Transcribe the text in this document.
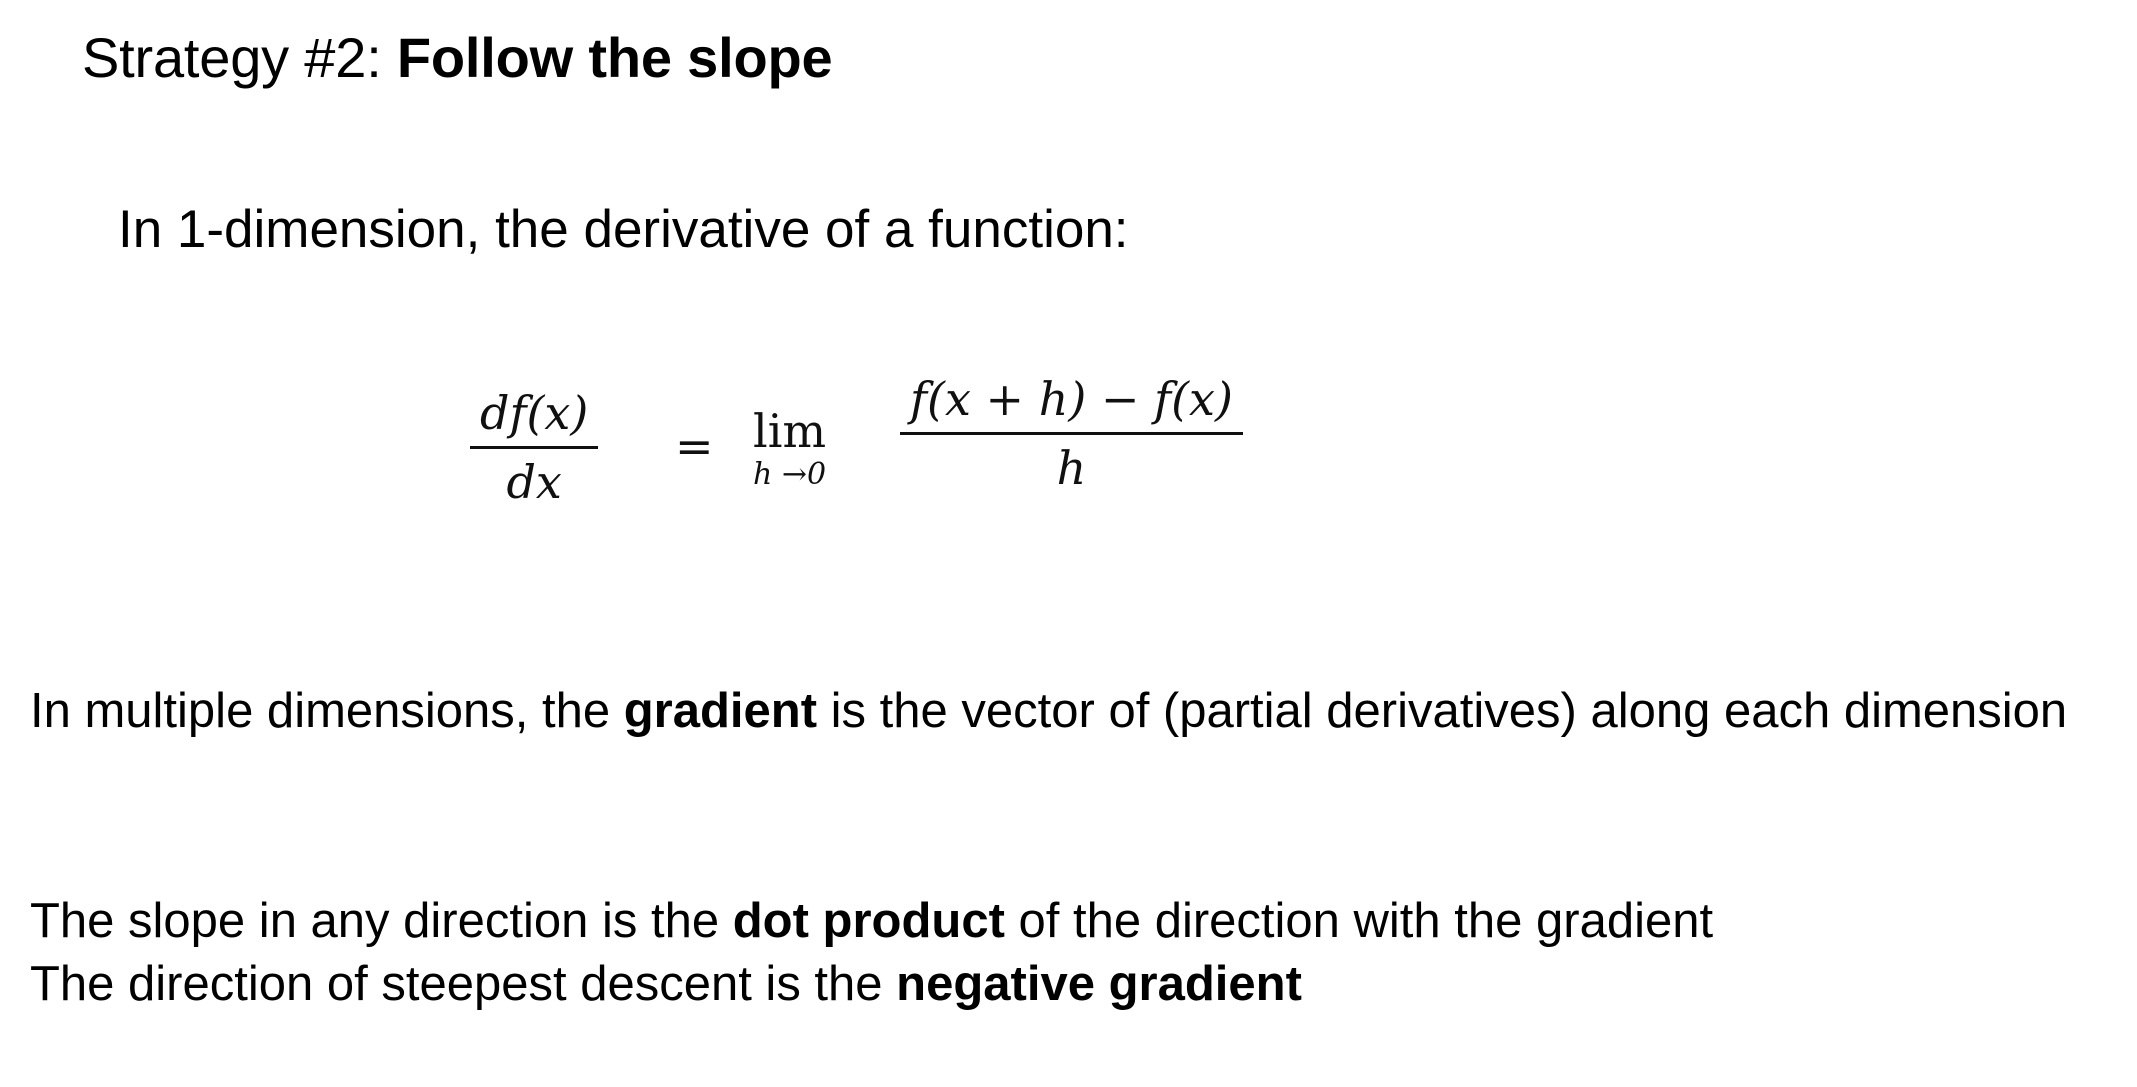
Strategy #2: Follow the slope
In 1-dimension, the derivative of a function:
$\frac{df(x)}{dx} = \lim$
$h \to 0 \frac{f(x + h) - f(x)}{h}$
In multiple dimensions, the gradient is the vector of (partial derivatives) along each dimension
The slope in any direction is the dot product of the direction with the gradient
The direction of steepest descent is the negative gradient
